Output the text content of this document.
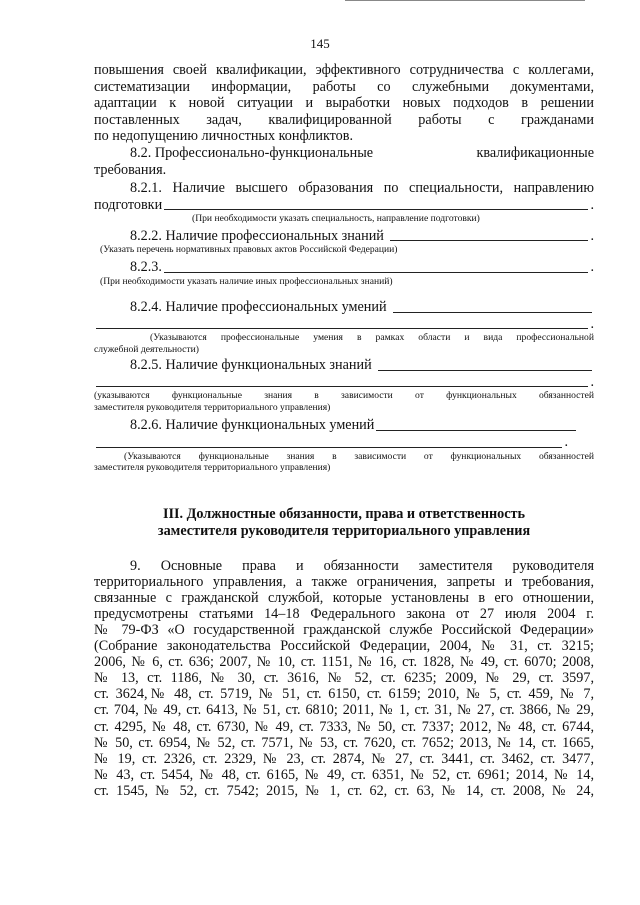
145
повышения своей квалификации, эффективного сотрудничества с коллегами,
систематизации информации, работы со служебными документами,
адаптации к новой ситуации и выработки новых подходов в решении
поставленных задач, квалифицированной работы с гражданами
по недопущению личностных конфликтов.
8.2. Профессионально-функциональные	квалификационные
требования.
8.2.1. Наличие высшего образования по специальности, направлению
подготовки	.
(При необходимости указать специальность, направление подготовки)
8.2.2. Наличие профессиональных знаний	.
(Указать перечень нормативных правовых актов Российской Федерации)
8.2.3.	.
(При необходимости указать наличие иных профессиональных знаний)
8.2.4. Наличие профессиональных умений
.
(Указываются профессиональные умения в рамках области и вида профессиональной
служебной деятельности)
8.2.5. Наличие функциональных знаний
.
(указываются функциональные знания в зависимости от функциональных обязанностей
заместителя руководителя территориального управления)
8.2.6. Наличие функциональных умений
.
(Указываются функциональные знания в зависимости от функциональных обязанностей
заместителя руководителя территориального управления)
III. Должностные обязанности, права и ответственность
заместителя руководителя территориального управления
9. Основные права и обязанности заместителя руководителя
территориального управления, а также ограничения, запреты и требования,
связанные с гражданской службой, которые установлены в его отношении,
предусмотрены статьями 14–18 Федерального закона от 27 июля 2004 г.
№ 79-ФЗ «О государственной гражданской службе Российской Федерации»
(Собрание законодательства Российской Федерации, 2004, № 31, ст. 3215;
2006, № 6, ст. 636; 2007, № 10, ст. 1151, № 16, ст. 1828, № 49, ст. 6070; 2008,
№ 13, ст. 1186, № 30, ст. 3616, № 52, ст. 6235; 2009, № 29, ст. 3597,
ст. 3624,№ 48, ст. 5719, № 51, ст. 6150, ст. 6159; 2010, № 5, ст. 459, № 7,
ст. 704, № 49, ст. 6413, № 51, ст. 6810; 2011, № 1, ст. 31, № 27, ст. 3866, № 29,
ст. 4295, № 48, ст. 6730, № 49, ст. 7333, № 50, ст. 7337; 2012, № 48, ст. 6744,
№ 50, ст. 6954, № 52, ст. 7571, № 53, ст. 7620, ст. 7652; 2013, № 14, ст. 1665,
№ 19, ст. 2326, ст. 2329, № 23, ст. 2874, № 27, ст. 3441, ст. 3462, ст. 3477,
№ 43, ст. 5454, № 48, ст. 6165, № 49, ст. 6351, № 52, ст. 6961; 2014, № 14,
ст. 1545, № 52, ст. 7542; 2015, № 1, ст. 62, ст. 63, № 14, ст. 2008, № 24,
